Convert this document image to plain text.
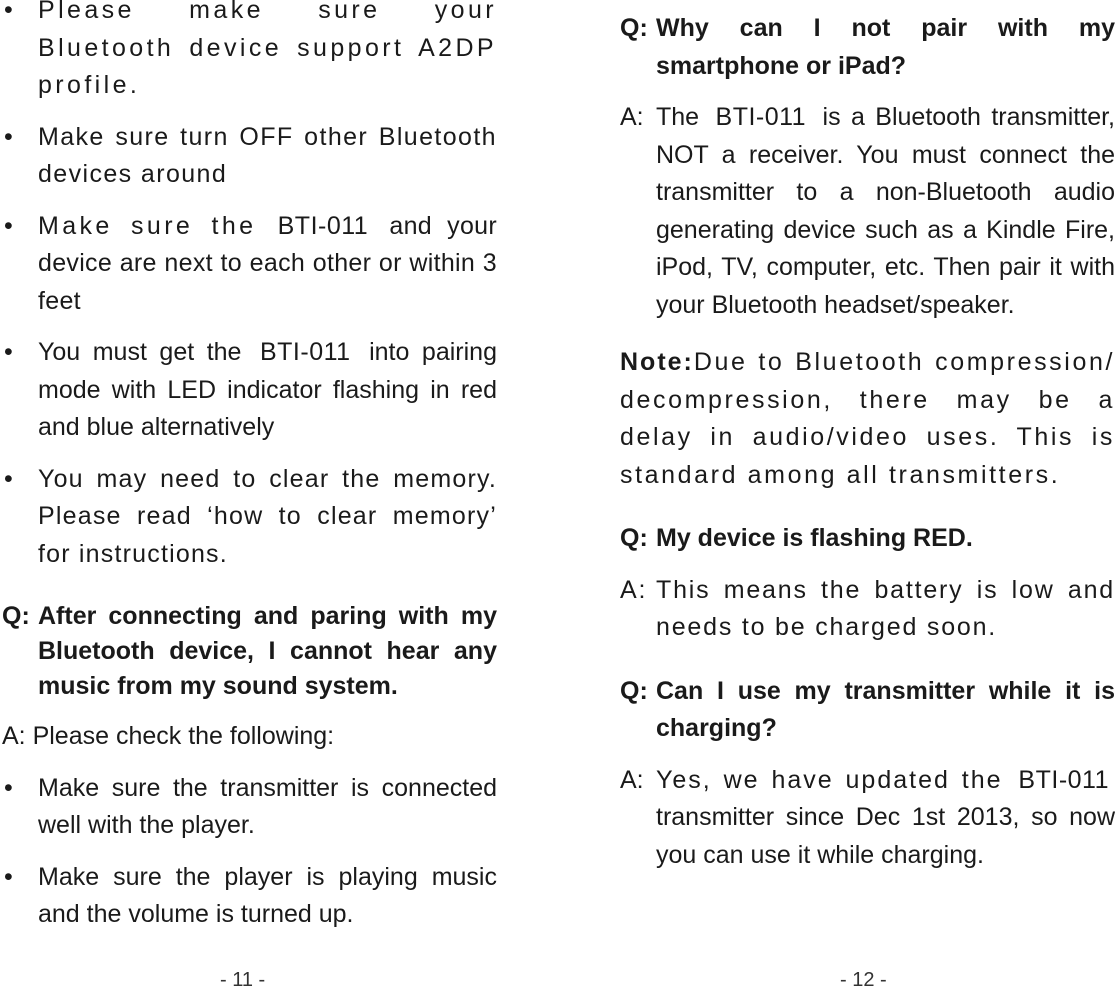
• Please make sure your Bluetooth device support A2DP profile.

• Make sure turn OFF other Bluetooth devices around

• Make sure the BTI-011 and your device are next to each other or within 3 feet

•	You must get the BTI-011 into pairing mode with LED indicator flashing in red and blue alternatively

• You may need to clear the memory. Please read ‘how to clear memory’ for instructions.

Q: After connecting and paring with my Bluetooth device, I cannot hear any music from my sound system.

A: Please check the following:

•	Make sure the transmitter is connected well with the player.

•	Make sure the player is playing music and the volume is turned up.

Q: Why can I not pair with my smartphone or iPad?

A: The BTI-011 is a Bluetooth transmitter, NOT a receiver. You must connect the transmitter to a non-Bluetooth audio generating device such as a Kindle Fire, iPod, TV, computer, etc. Then pair it with your Bluetooth headset/speaker.

Note:Due to Bluetooth compression/ decompression, there may be a delay in audio/video uses. This is standard among all transmitters.

Q: My device is flashing RED.

A: This means the battery is low and needs to be charged soon.

Q: Can I use my transmitter while it is charging?

A: Yes, we have updated the BTI-011 transmitter since Dec 1st 2013, so now you can use it while charging.

- 11 -	- 12 -
